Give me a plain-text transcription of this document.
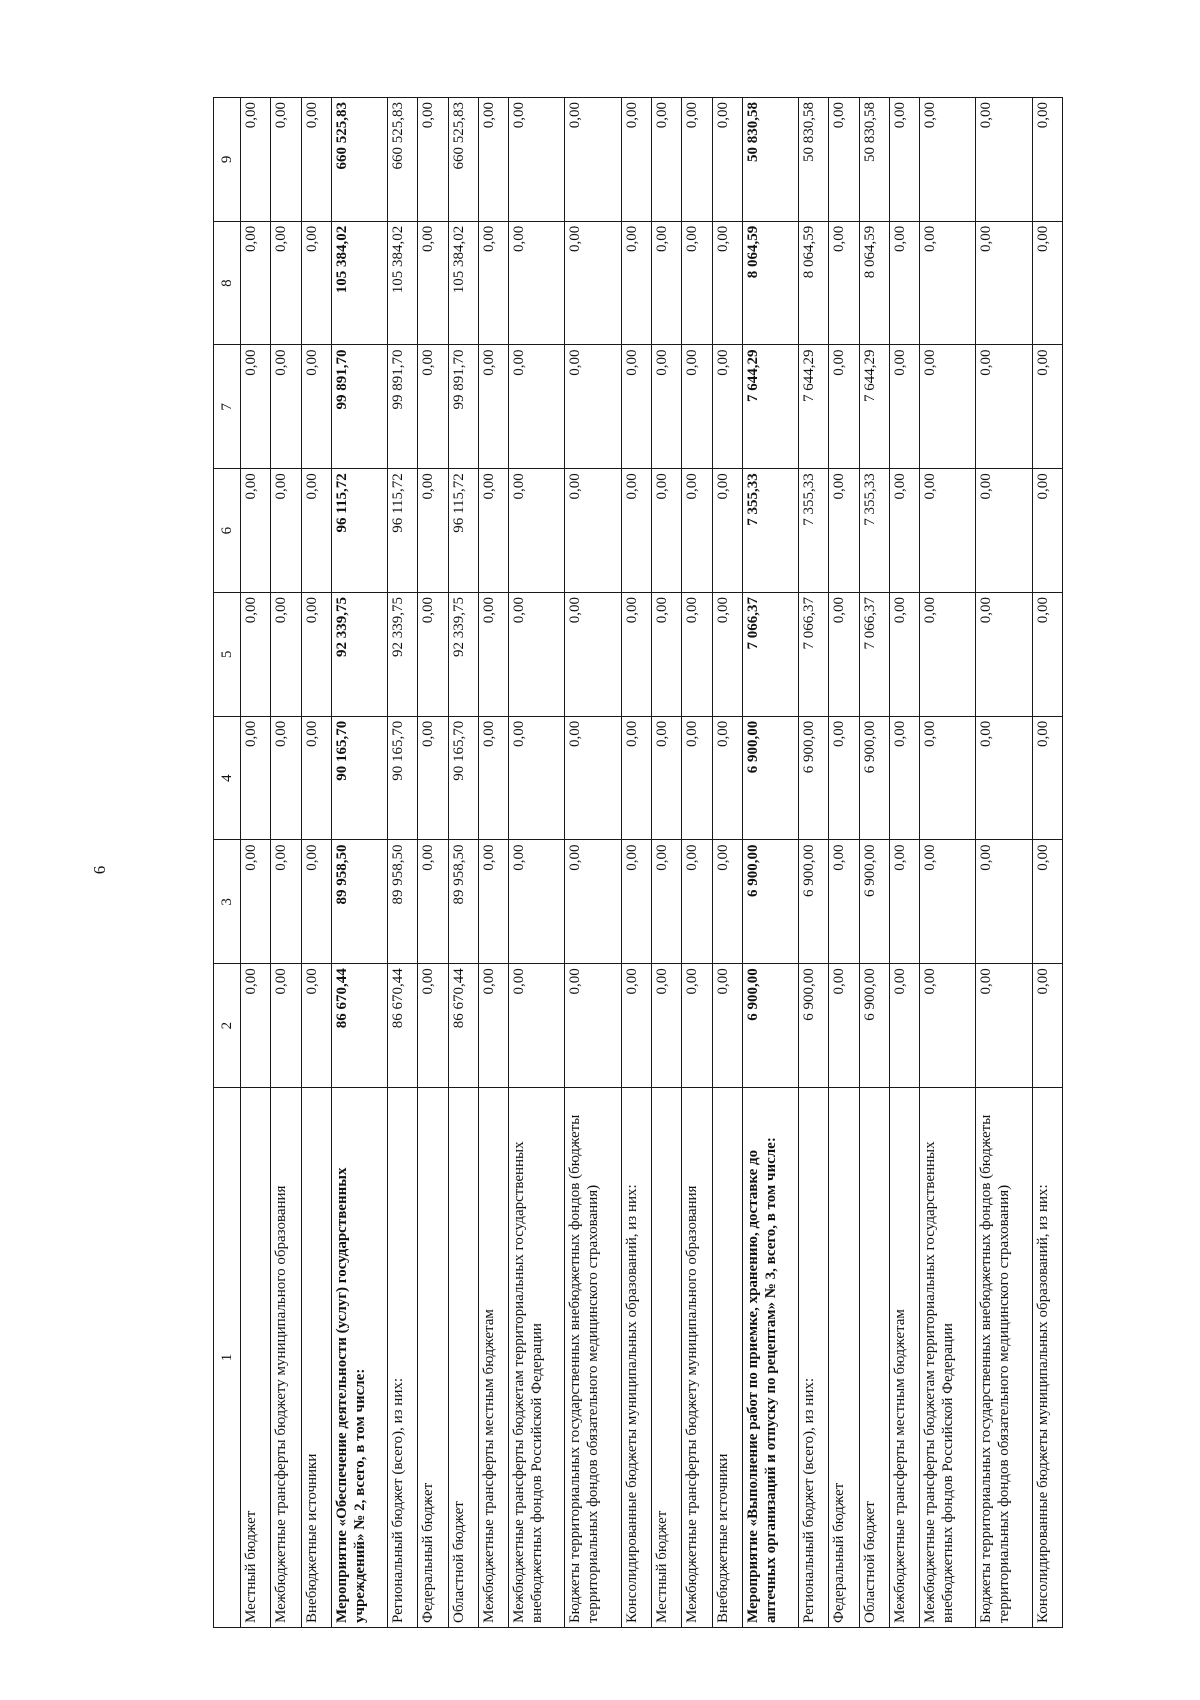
6
1	2	3	4	5	6	7	8	9
Местный бюджет	0,00	0,00	0,00	0,00	0,00	0,00	0,00	0,00
Межбюджетные трансферты бюджету муниципального образования	0,00	0,00	0,00	0,00	0,00	0,00	0,00	0,00
Внебюджетные источники	0,00	0,00	0,00	0,00	0,00	0,00	0,00	0,00
Мероприятие «Обеспечение деятельности (услуг) государственных учреждений» № 2, всего, в том числе:	86 670,44	89 958,50	90 165,70	92 339,75	96 115,72	99 891,70	105 384,02	660 525,83
Региональный бюджет (всего), из них:	86 670,44	89 958,50	90 165,70	92 339,75	96 115,72	99 891,70	105 384,02	660 525,83
Федеральный бюджет	0,00	0,00	0,00	0,00	0,00	0,00	0,00	0,00
Областной бюджет	86 670,44	89 958,50	90 165,70	92 339,75	96 115,72	99 891,70	105 384,02	660 525,83
Межбюджетные трансферты местным бюджетам	0,00	0,00	0,00	0,00	0,00	0,00	0,00	0,00
Межбюджетные трансферты бюджетам территориальных государственных внебюджетных фондов Российской Федерации	0,00	0,00	0,00	0,00	0,00	0,00	0,00	0,00
Бюджеты территориальных государственных внебюджетных фондов (бюджеты территориальных фондов обязательного медицинского страхования)	0,00	0,00	0,00	0,00	0,00	0,00	0,00	0,00
Консолидированные бюджеты муниципальных образований, из них:	0,00	0,00	0,00	0,00	0,00	0,00	0,00	0,00
Местный бюджет	0,00	0,00	0,00	0,00	0,00	0,00	0,00	0,00
Межбюджетные трансферты бюджету муниципального образования	0,00	0,00	0,00	0,00	0,00	0,00	0,00	0,00
Внебюджетные источники	0,00	0,00	0,00	0,00	0,00	0,00	0,00	0,00
Мероприятие «Выполнение работ по приемке, хранению, доставке до аптечных организаций и отпуску по рецептам» № 3, всего, в том числе:	6 900,00	6 900,00	6 900,00	7 066,37	7 355,33	7 644,29	8 064,59	50 830,58
Региональный бюджет (всего), из них:	6 900,00	6 900,00	6 900,00	7 066,37	7 355,33	7 644,29	8 064,59	50 830,58
Федеральный бюджет	0,00	0,00	0,00	0,00	0,00	0,00	0,00	0,00
Областной бюджет	6 900,00	6 900,00	6 900,00	7 066,37	7 355,33	7 644,29	8 064,59	50 830,58
Межбюджетные трансферты местным бюджетам	0,00	0,00	0,00	0,00	0,00	0,00	0,00	0,00
Межбюджетные трансферты бюджетам территориальных государственных внебюджетных фондов Российской Федерации	0,00	0,00	0,00	0,00	0,00	0,00	0,00	0,00
Бюджеты территориальных государственных внебюджетных фондов (бюджеты территориальных фондов обязательного медицинского страхования)	0,00	0,00	0,00	0,00	0,00	0,00	0,00	0,00
Консолидированные бюджеты муниципальных образований, из них:	0,00	0,00	0,00	0,00	0,00	0,00	0,00	0,00
